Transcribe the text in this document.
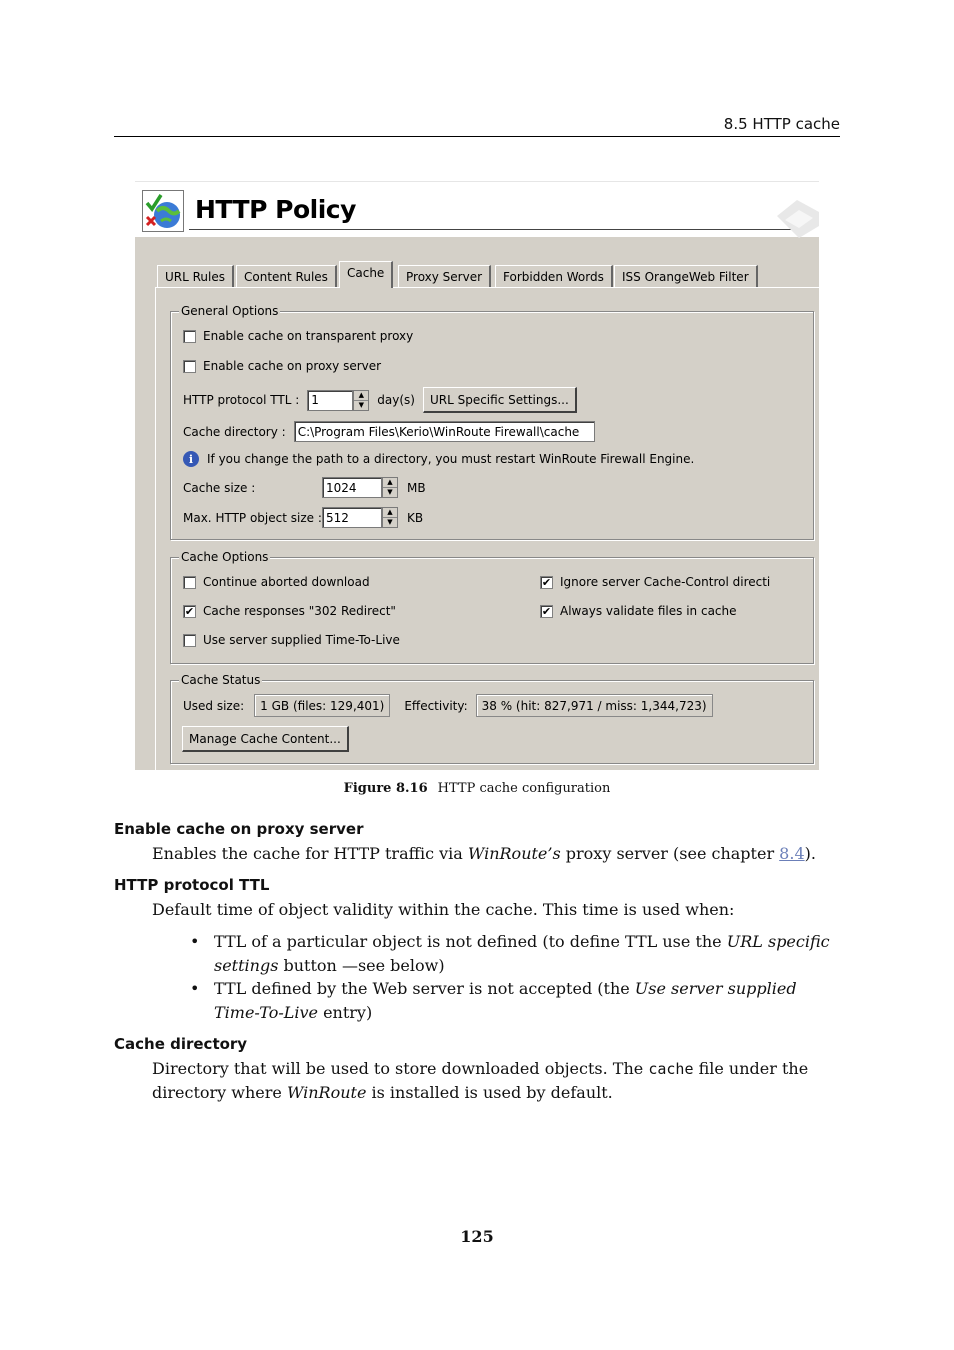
8.5 HTTP cache
HTTP Policy
URL Rules	Content Rules	Cache	Proxy Server	Forbidden Words	ISS OrangeWeb Filter
General Options
Enable cache on transparent proxy
Enable cache on proxy server
HTTP protocol TTL :	1	▲
▼	day(s)	URL Specific Settings...
Cache directory :	C:\Program Files\Kerio\WinRoute Firewall\cache
i	If you change the path to a directory, you must restart WinRoute Firewall Engine.
Cache size :	1024	▲
▼	MB
Max. HTTP object size : 512	▲
▼	KB
Cache Options
Continue aborted download
✔ Cache responses "302 Redirect"
Use server supplied Time-To-Live
✔ Ignore server Cache-Control directi
✔ Always validate files in cache
Cache Status
Used size:	1 GB (files: 129,401)	Effectivity:	38 % (hit: 827,971 / miss: 1,344,723)
Manage Cache Content...
Figure 8.16 HTTP cache configuration
Enable cache on proxy server
Enables the cache for HTTP traffic via WinRoute’s proxy server (see chapter 8.4).
HTTP protocol TTL
Default time of object validity within the cache. This time is used when:
• TTL of a particular object is not defined (to define TTL use the URL specific settings button —see below)
• TTL defined by the Web server is not accepted (the Use server supplied Time-To-Live entry)
Cache directory
Directory that will be used to store downloaded objects. The cache file under the directory where WinRoute is installed is used by default.
125
